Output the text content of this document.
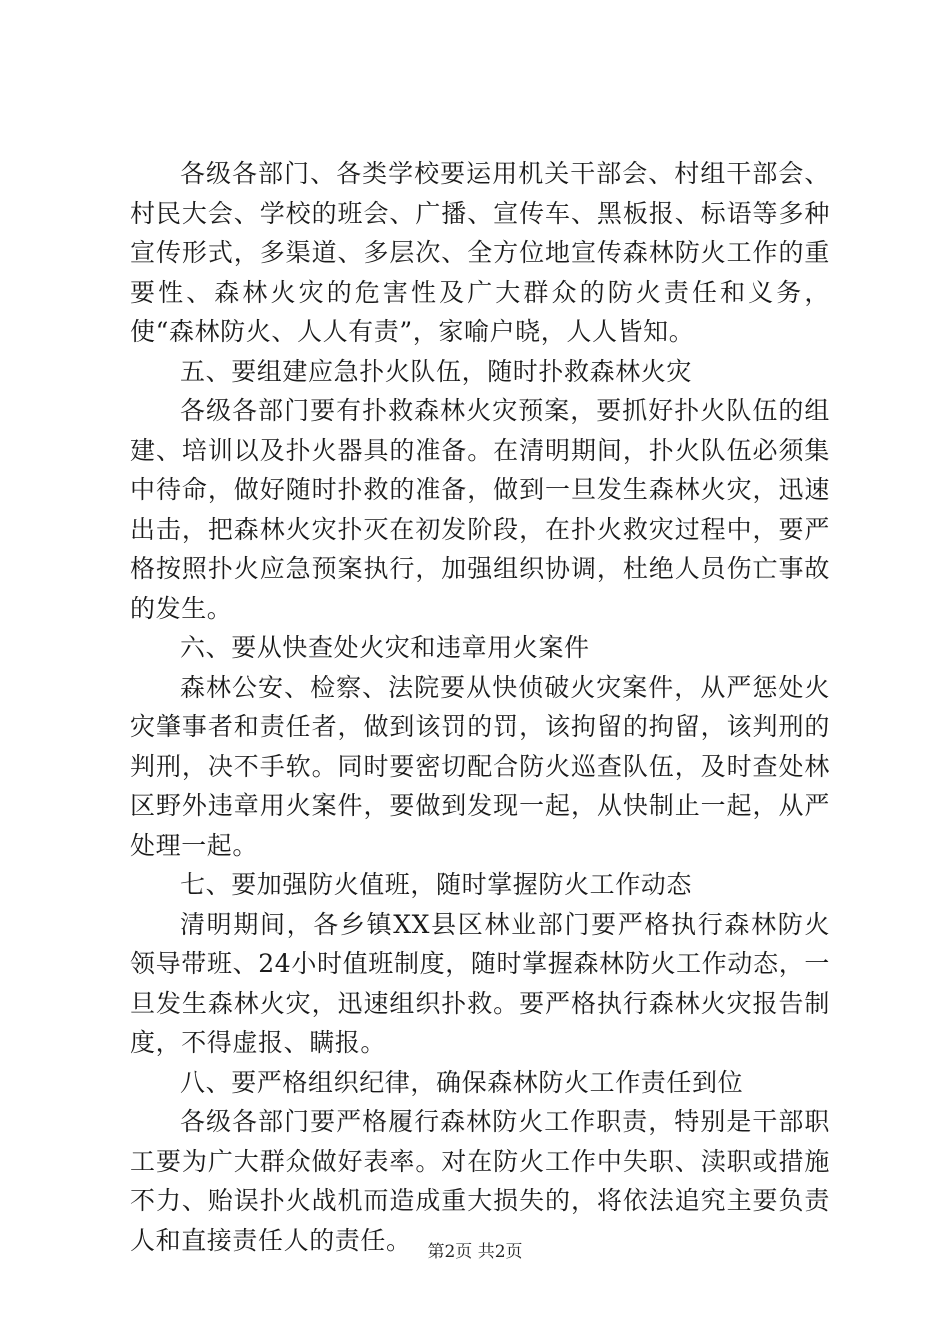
各级各部门、各类学校要运用机关干部会、村组干部会、村民大会、学校的班会、广播、宣传车、黑板报、标语等多种宣传形式，多渠道、多层次、全方位地宣传森林防火工作的重要性、森林火灾的危害性及广大群众的防火责任和义务，使“森林防火、人人有责”，家喻户晓，人人皆知。

五、要组建应急扑火队伍，随时扑救森林火灾

各级各部门要有扑救森林火灾预案，要抓好扑火队伍的组建、培训以及扑火器具的准备。在清明期间，扑火队伍必须集中待命，做好随时扑救的准备，做到一旦发生森林火灾，迅速出击，把森林火灾扑灭在初发阶段，在扑火救灾过程中，要严格按照扑火应急预案执行，加强组织协调，杜绝人员伤亡事故的发生。

六、要从快查处火灾和违章用火案件

森林公安、检察、法院要从快侦破火灾案件，从严惩处火灾肇事者和责任者，做到该罚的罚，该拘留的拘留，该判刑的判刑，决不手软。同时要密切配合防火巡查队伍，及时查处林区野外违章用火案件，要做到发现一起，从快制止一起，从严处理一起。

七、要加强防火值班，随时掌握防火工作动态

清明期间，各乡镇XX县区林业部门要严格执行森林防火领导带班、24小时值班制度，随时掌握森林防火工作动态，一旦发生森林火灾，迅速组织扑救。要严格执行森林火灾报告制度，不得虚报、瞒报。

八、要严格组织纪律，确保森林防火工作责任到位

各级各部门要严格履行森林防火工作职责，特别是干部职工要为广大群众做好表率。对在防火工作中失职、渎职或措施不力、贻误扑火战机而造成重大损失的，将依法追究主要负责人和直接责任人的责任。 第2页 共2页
